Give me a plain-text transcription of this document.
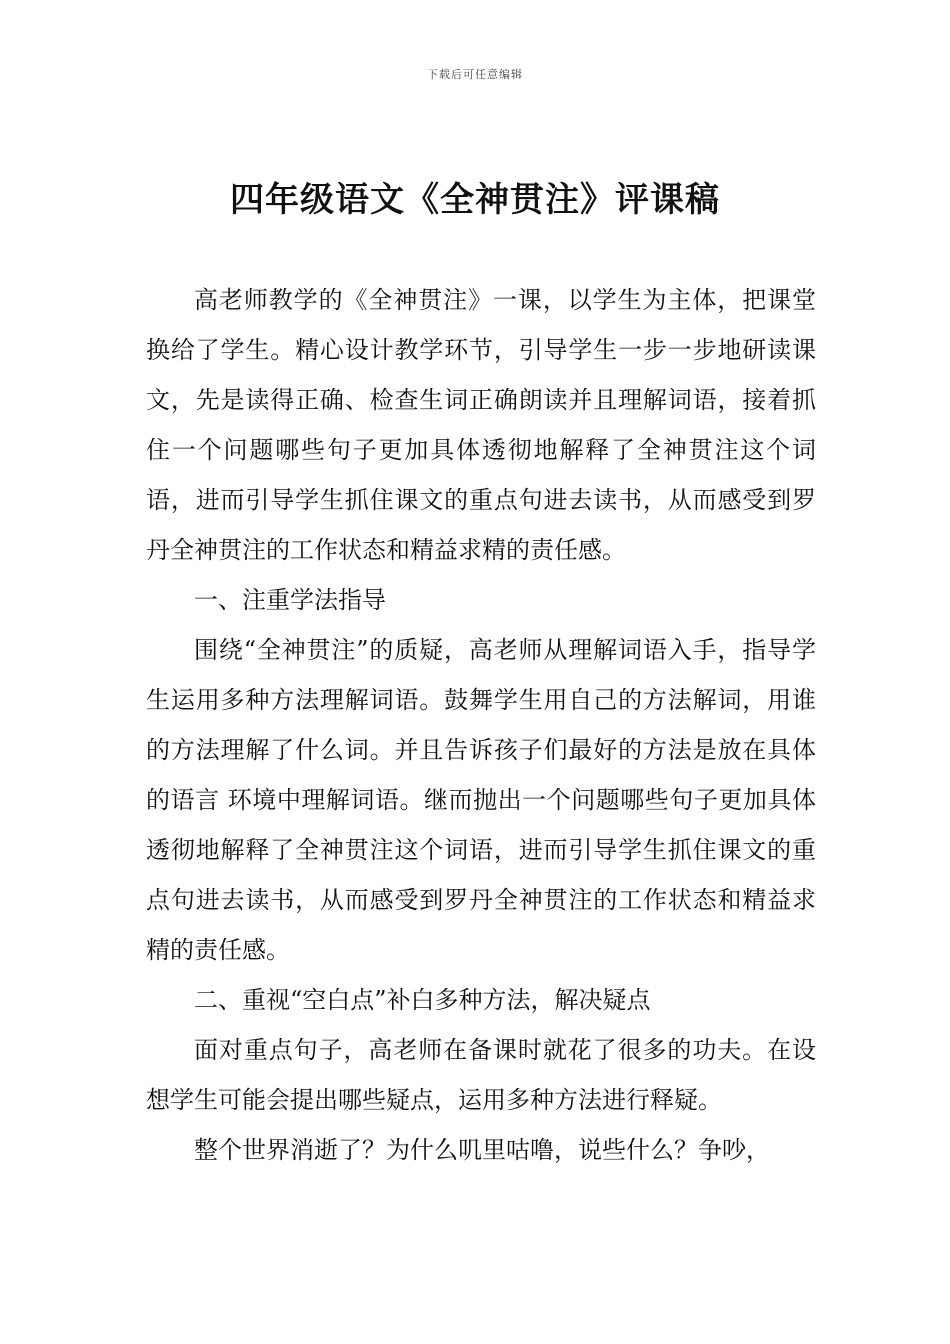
下载后可任意编辑
四年级语文《全神贯注》评课稿

高老师教学的《全神贯注》一课，以学生为主体，把课堂换给了学生。精心设计教学环节，引导学生一步一步地研读课文，先是读得正确、检查生词正确朗读并且理解词语，接着抓住一个问题哪些句子更加具体透彻地解释了全神贯注这个词语，进而引导学生抓住课文的重点句进去读书，从而感受到罗丹全神贯注的工作状态和精益求精的责任感。

一、注重学法指导

围绕“全神贯注”的质疑，高老师从理解词语入手，指导学生运用多种方法理解词语。鼓舞学生用自己的方法解词，用谁的方法理解了什么词。并且告诉孩子们最好的方法是放在具体的语言 环境中理解词语。继而抛出一个问题哪些句子更加具体透彻地解释了全神贯注这个词语，进而引导学生抓住课文的重点句进去读书，从而感受到罗丹全神贯注的工作状态和精益求精的责任感。

二、重视“空白点”补白多种方法，解决疑点

面对重点句子，高老师在备课时就花了很多的功夫。在设想学生可能会提出哪些疑点，运用多种方法进行释疑。

整个世界消逝了？为什么叽里咕噜，说些什么？争吵，
